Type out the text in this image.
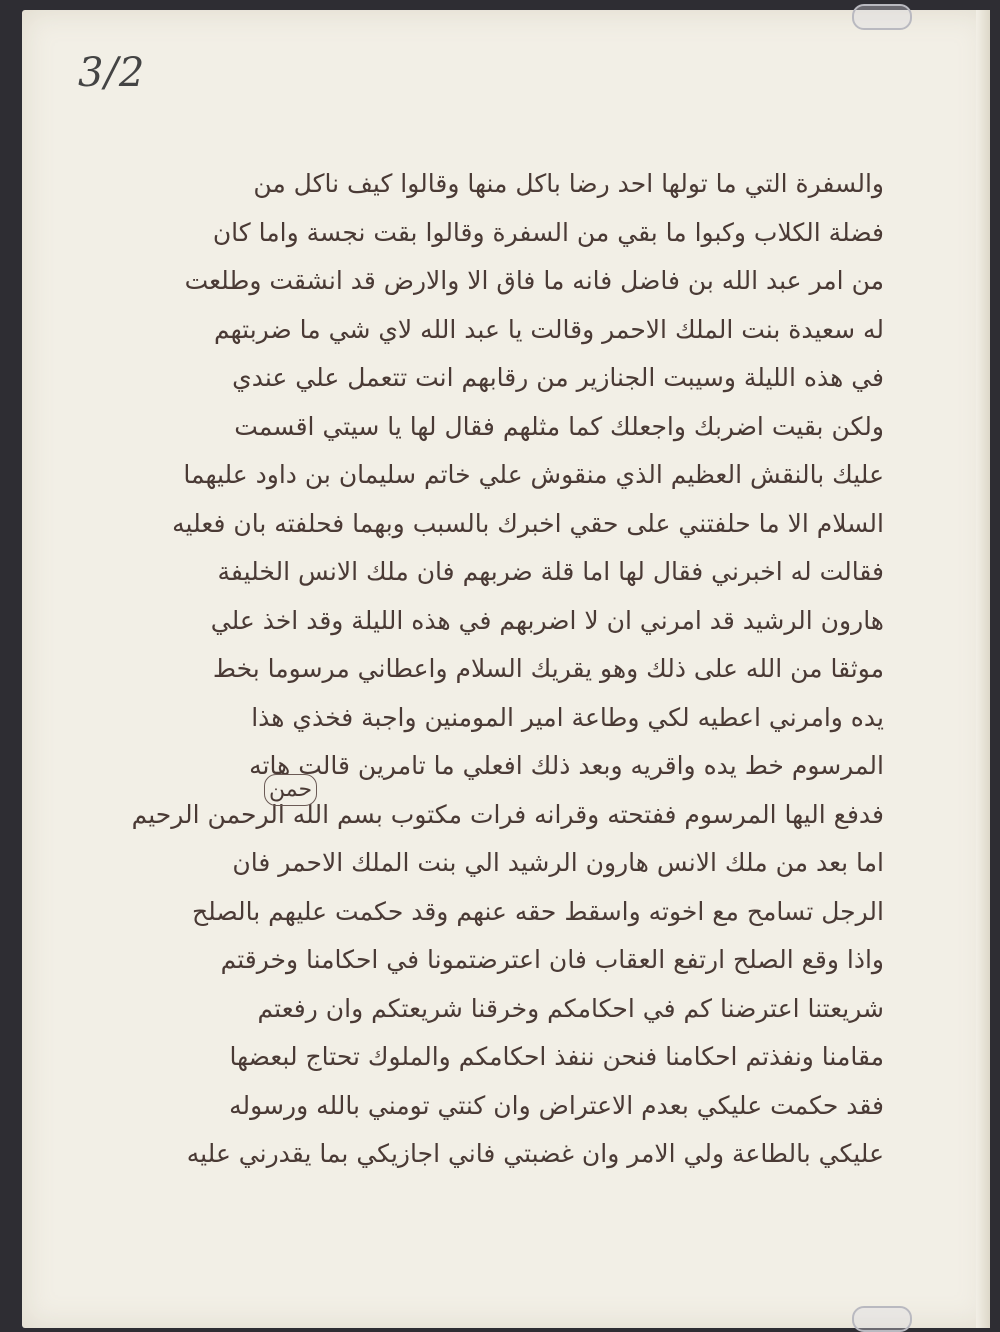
3/2
والسفرة التي ما تولها احد رضا باكل منها وقالوا كيف ناكل من
فضلة الكلاب وكبوا ما بقي من السفرة وقالوا بقت نجسة واما كان
من امر عبد الله بن فاضل فانه ما فاق الا والارض قد انشقت وطلعت
له سعيدة بنت الملك الاحمر وقالت يا عبد الله لاي شي ما ضربتهم
في هذه الليلة وسيبت الجنازير من رقابهم انت تتعمل علي عندي
ولكن بقيت اضربك واجعلك كما مثلهم فقال لها يا سيتي اقسمت
عليك بالنقش العظيم الذي منقوش علي خاتم سليمان بن داود عليهما
السلام الا ما حلفتني على حقي اخبرك بالسبب وبهما فحلفته بان فعليه
فقالت له اخبرني فقال لها اما قلة ضربهم فان ملك الانس الخليفة
هارون الرشيد قد امرني ان لا اضربهم في هذه الليلة وقد اخذ علي
موثقا من الله على ذلك وهو يقريك السلام واعطاني مرسوما بخط
يده وامرني اعطيه لكي وطاعة امير المومنين واجبة فخذي هذا
المرسوم خط يده واقريه وبعد ذلك افعلي ما تامرين قالت هاته
فدفع اليها المرسوم ففتحته وقرانه فرات مكتوب بسم الله الرحمن الرحيم
اما بعد من ملك الانس هارون الرشيد الي بنت الملك الاحمر فان
الرجل تسامح مع اخوته واسقط حقه عنهم وقد حكمت عليهم بالصلح
واذا وقع الصلح ارتفع العقاب فان اعترضتمونا في احكامنا وخرقتم
شريعتنا اعترضنا كم في احكامكم وخرقنا شريعتكم وان رفعتم
مقامنا ونفذتم احكامنا فنحن ننفذ احكامكم والملوك تحتاج لبعضها
فقد حكمت عليكي بعدم الاعتراض وان كنتي تومني بالله ورسوله
عليكي بالطاعة ولي الامر وان غضبتي فاني اجازيكي بما يقدرني عليه
حمن
